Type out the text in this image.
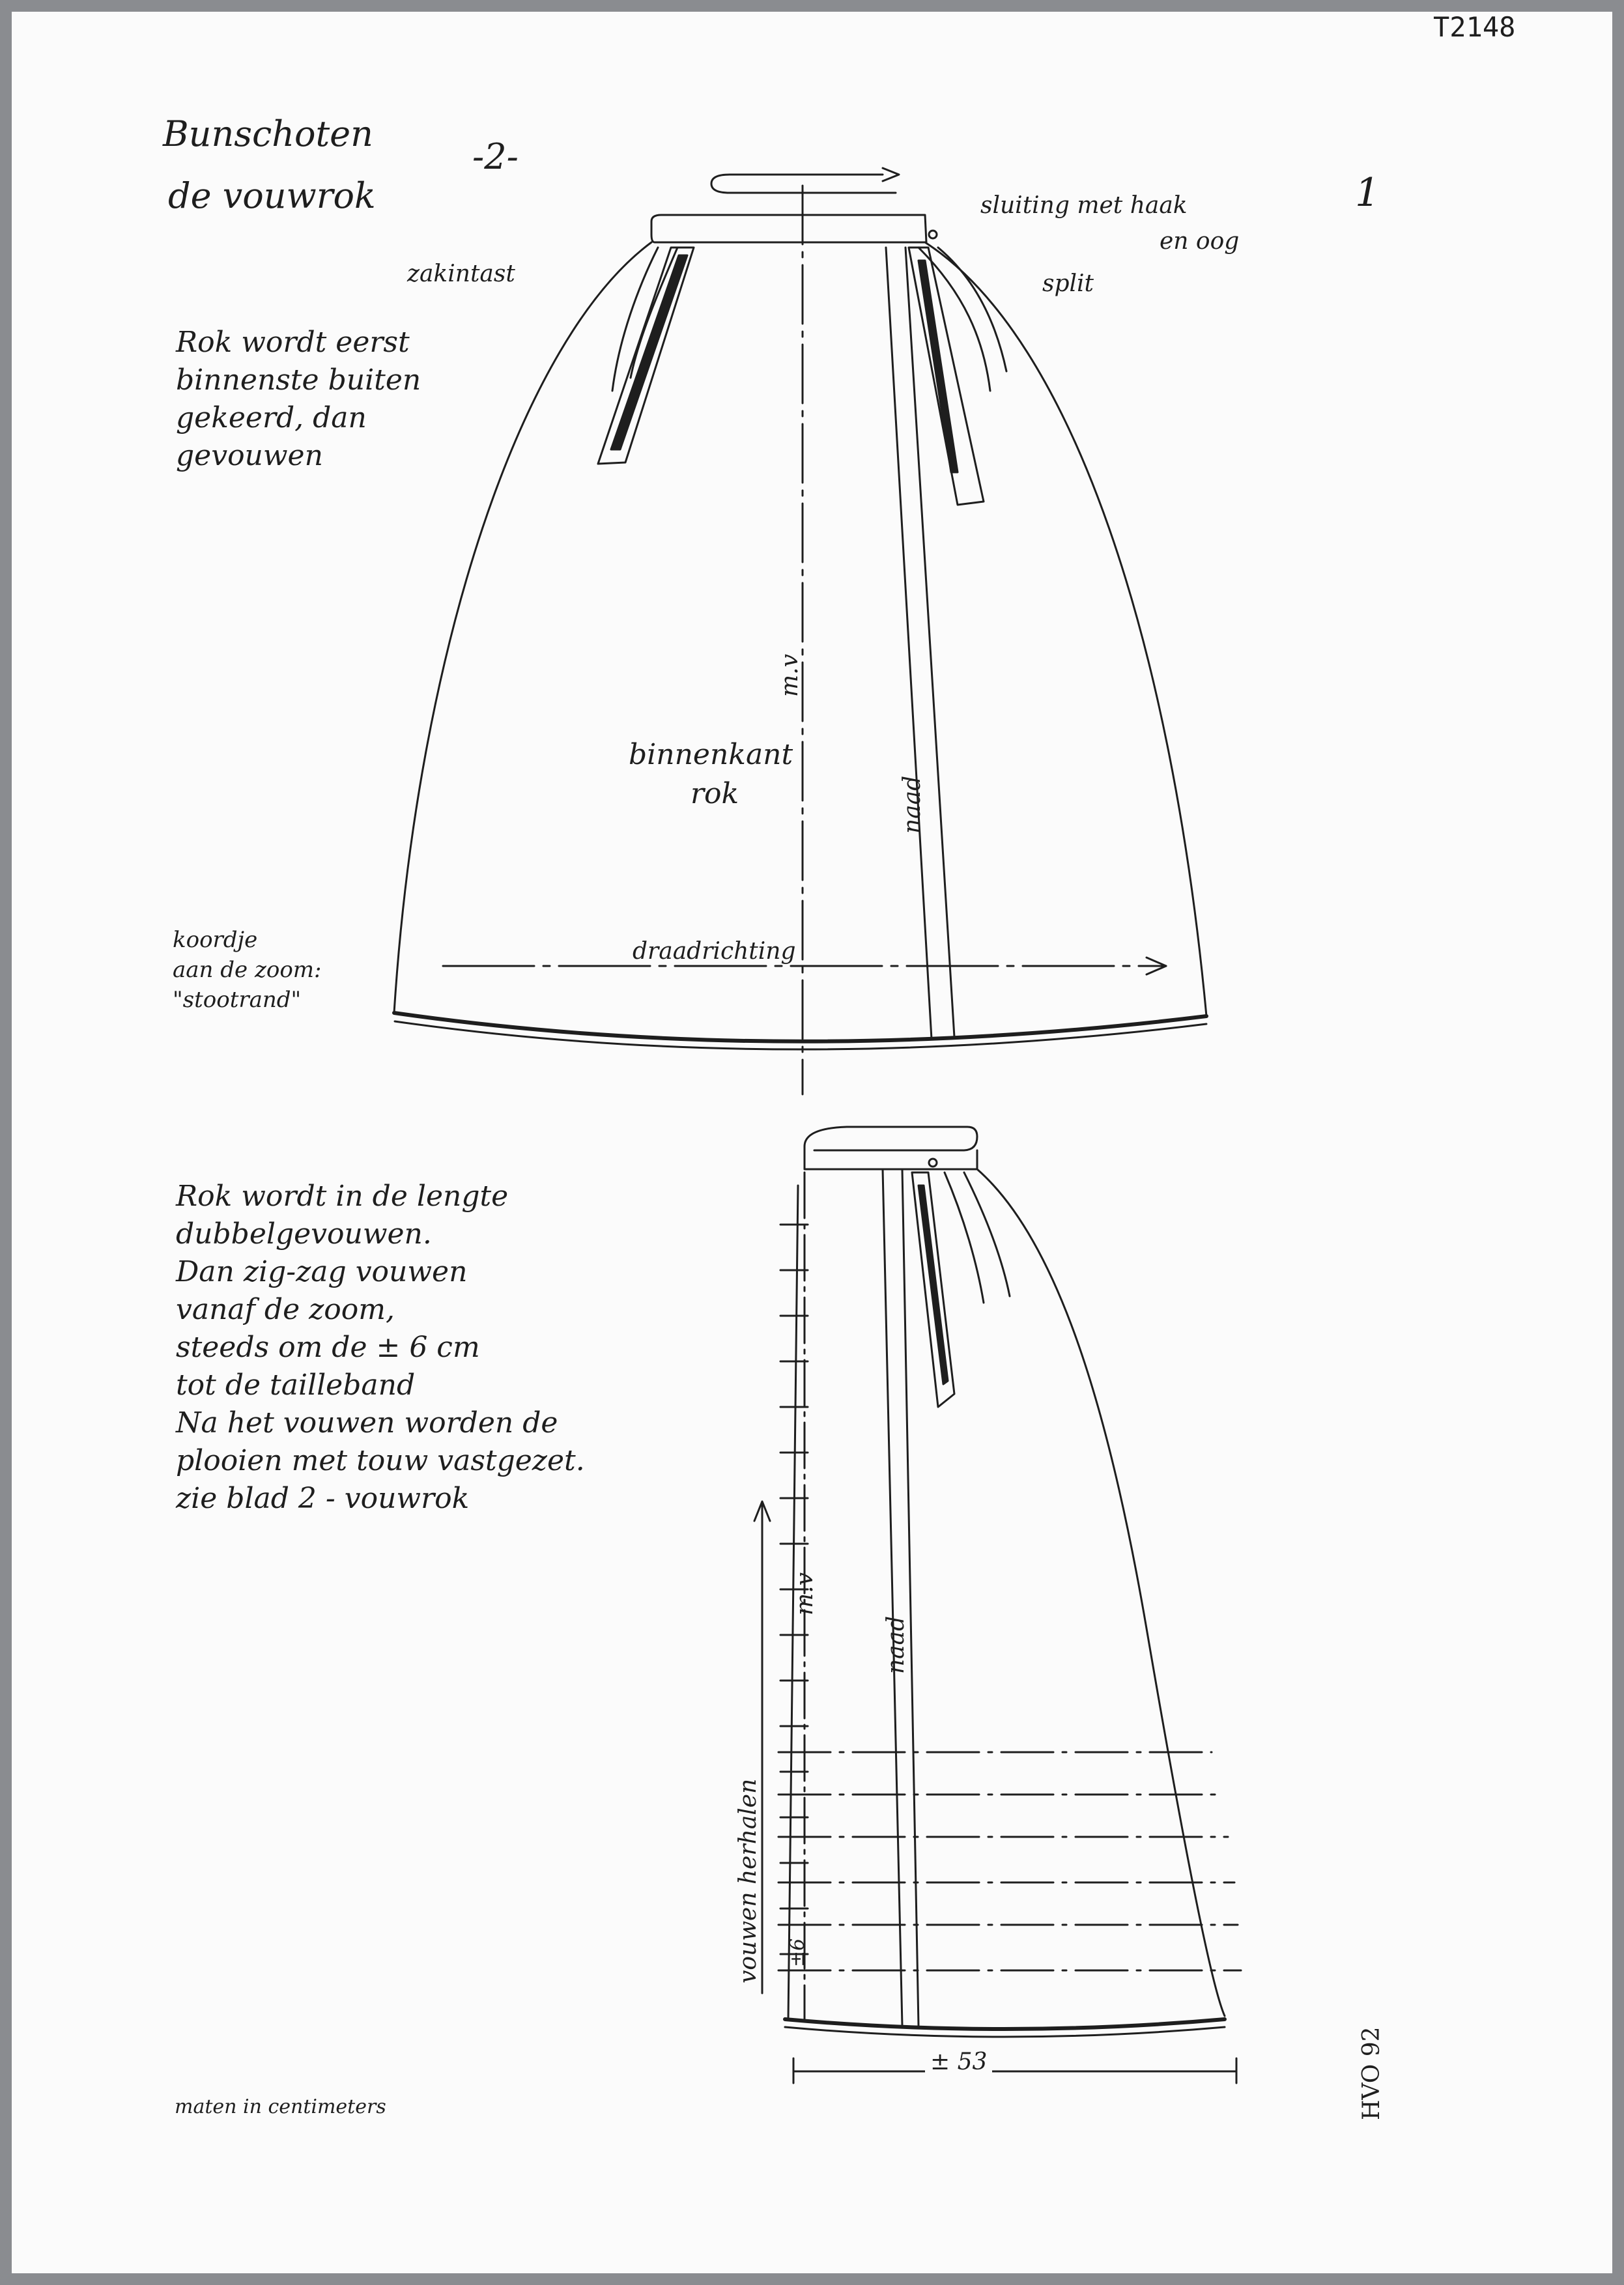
T2148
1
Bunschoten
-2-
de vouwrok	sluiting met haak
en oog
split
zakintast
Rok wordt eerst
binnenste buiten
gekeerd, dan
gevouwen
m.v
binnenkant
rok	naad
draadrichting
koordje
aan de zoom:
"stootrand"
Rok wordt in de lengte
dubbelgevouwen.
Dan zig-zag vouwen
vanaf de zoom,
steeds om de ± 6 cm
tot de tailleband
Na het vouwen worden de
plooien met touw vastgezet.
zie blad 2 - vouwrok
m.v
naad
vouwen herhalen ±6
± 53	HVO 92
maten in centimeters
